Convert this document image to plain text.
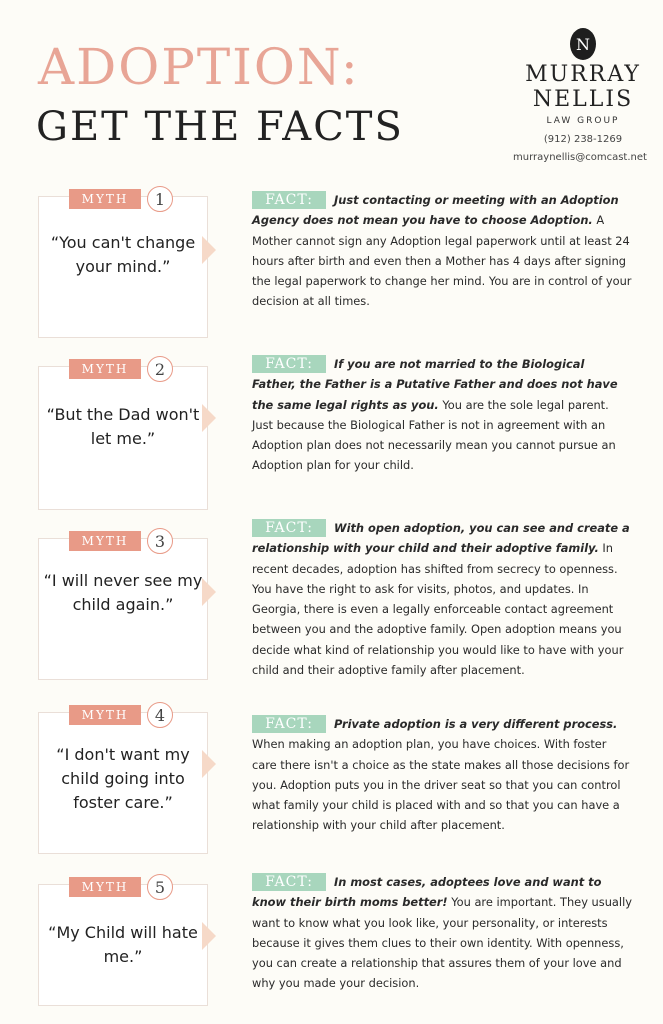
ADOPTION:
GET THE FACTS
N
MURRAY
NELLIS
LAW GROUP
(912) 238-1269
murraynellis@comcast.net
MYTH	1
“You can't change your mind.”
FACT:	Just contacting or meeting with an Adoption Agency does not mean you have to choose Adoption. A Mother cannot sign any Adoption legal paperwork until at least 24 hours after birth and even then a Mother has 4 days after signing the legal paperwork to change her mind. You are in control of your decision at all times.

MYTH	2
“But the Dad won't let me.”
FACT:	If you are not married to the Biological Father, the Father is a Putative Father and does not have the same legal rights as you. You are the sole legal parent. Just because the Biological Father is not in agreement with an Adoption plan does not necessarily mean you cannot pursue an Adoption plan for your child.

MYTH	3
“I will never see my child again.”
FACT:	With open adoption, you can see and create a relationship with your child and their adoptive family. In recent decades, adoption has shifted from secrecy to openness. You have the right to ask for visits, photos, and updates. In Georgia, there is even a legally enforceable contact agreement between you and the adoptive family. Open adoption means you decide what kind of relationship you would like to have with your child and their adoptive family after placement.

MYTH	4
“I don't want my child going into foster care.”
FACT:	Private adoption is a very different process. When making an adoption plan, you have choices. With foster care there isn't a choice as the state makes all those decisions for you. Adoption puts you in the driver seat so that you can control what family your child is placed with and so that you can have a relationship with your child after placement.

MYTH	5
“My Child will hate me.”
FACT:	In most cases, adoptees love and want to know their birth moms better! You are important. They usually want to know what you look like, your personality, or interests because it gives them clues to their own identity. With openness, you can create a relationship that assures them of your love and why you made your decision.
